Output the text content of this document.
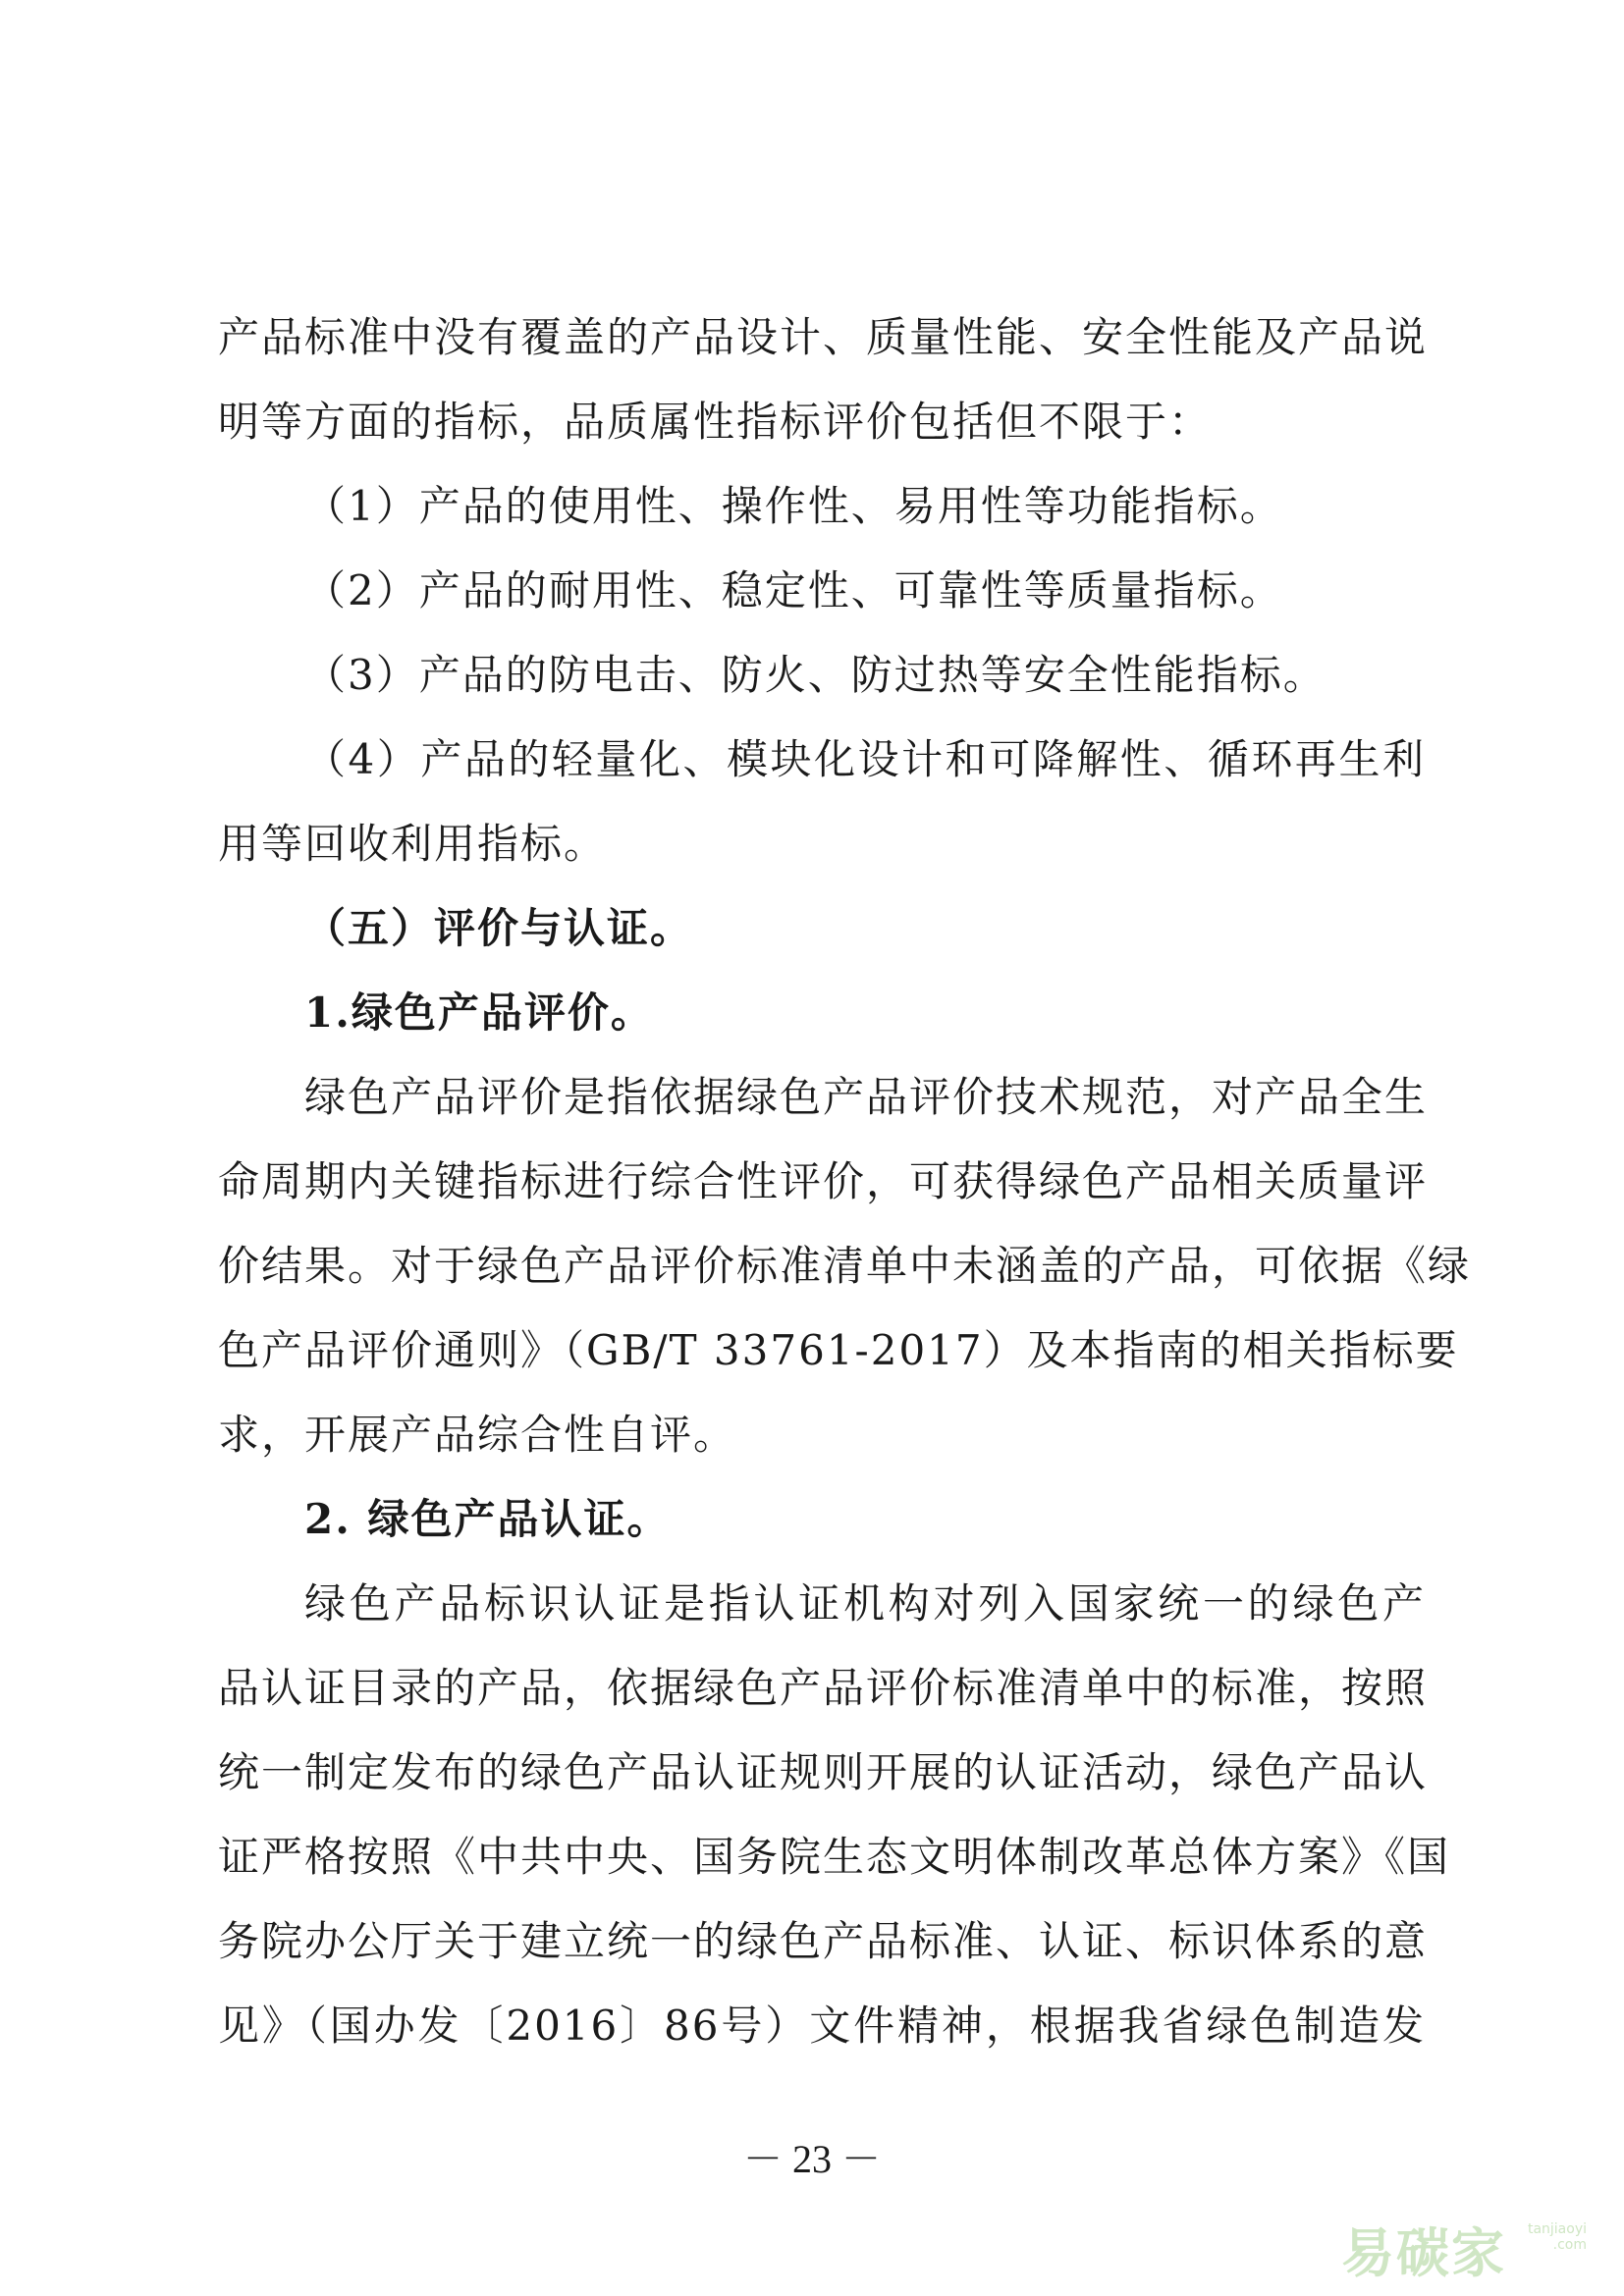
产品标准中没有覆盖的产品设计、质量性能、安全性能及产品说
明等方面的指标，品质属性指标评价包括但不限于：
（1）产品的使用性、操作性、易用性等功能指标。
（2）产品的耐用性、稳定性、可靠性等质量指标。
（3）产品的防电击、防火、防过热等安全性能指标。
（4）产品的轻量化、模块化设计和可降解性、循环再生利
用等回收利用指标。
（五）评价与认证。
1.绿色产品评价。
绿色产品评价是指依据绿色产品评价技术规范，对产品全生
命周期内关键指标进行综合性评价，可获得绿色产品相关质量评
价结果。对于绿色产品评价标准清单中未涵盖的产品，可依据《绿
色产品评价通则》（GB/T 33761-2017）及本指南的相关指标要
求，开展产品综合性自评。
2. 绿色产品认证。
绿色产品标识认证是指认证机构对列入国家统一的绿色产
品认证目录的产品，依据绿色产品评价标准清单中的标准，按照
统一制定发布的绿色产品认证规则开展的认证活动，绿色产品认
证严格按照《中共中央、国务院生态文明体制改革总体方案》《国
务院办公厅关于建立统一的绿色产品标准、认证、标识体系的意
见》（国办发〔2016〕86号）文件精神，根据我省绿色制造发
－ 23 －
易碳家 tanjiaoyi
.com
